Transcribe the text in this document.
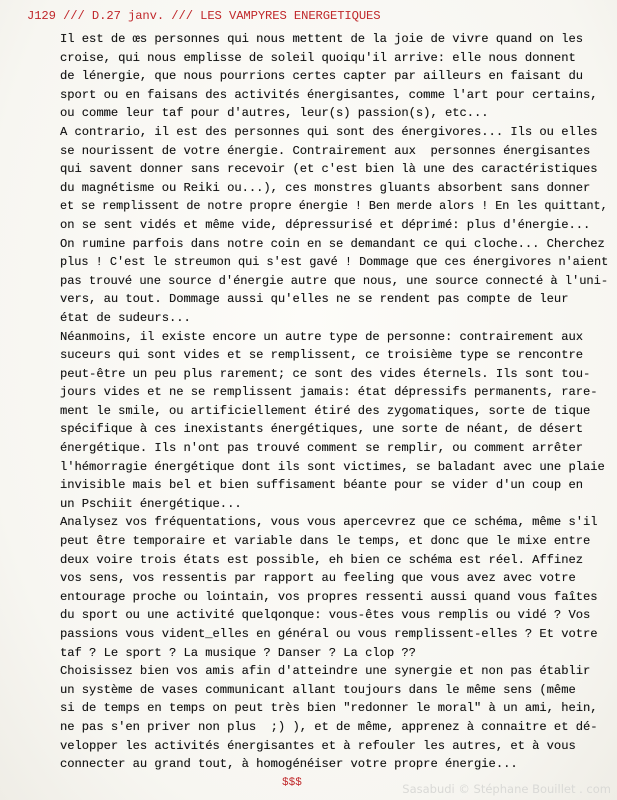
J129 /// D.27 janv. /// LES VAMPYRES ENERGETIQUES
Il est de œs personnes qui nous mettent de la joie de vivre quand on les
croise, qui nous emplisse de soleil quoiqu'il arrive: elle nous donnent
de lénergie, que nous pourrions certes capter par ailleurs en faisant du
sport ou en faisans des activités énergisantes, comme l'art pour certains,
ou comme leur taf pour d'autres, leur(s) passion(s), etc...
A contrario, il est des personnes qui sont des énergivores... Ils ou elles
se nourissent de votre énergie. Contrairement aux  personnes énergisantes
qui savent donner sans recevoir (et c'est bien là une des caractéristiques
du magnétisme ou Reiki ou...), ces monstres gluants absorbent sans donner
et se remplissent de notre propre énergie ! Ben merde alors ! En les quittant,
on se sent vidés et même vide, dépressurisé et déprimé: plus d'énergie...
On rumine parfois dans notre coin en se demandant ce qui cloche... Cherchez
plus ! C'est le streumon qui s'est gavé ! Dommage que ces énergivores n'aient
pas trouvé une source d'énergie autre que nous, une source connecté à l'uni-
vers, au tout. Dommage aussi qu'elles ne se rendent pas compte de leur
état de sudeurs...
Néanmoins, il existe encore un autre type de personne: contrairement aux
suceurs qui sont vides et se remplissent, ce troisième type se rencontre
peut-être un peu plus rarement; ce sont des vides éternels. Ils sont tou-
jours vides et ne se remplissent jamais: état dépressifs permanents, rare-
ment le smile, ou artificiellement étiré des zygomatiques, sorte de tique
spécifique à ces inexistants énergétiques, une sorte de néant, de désert
énergétique. Ils n'ont pas trouvé comment se remplir, ou comment arrêter
l'hémorragie énergétique dont ils sont victimes, se baladant avec une plaie
invisible mais bel et bien suffisament béante pour se vider d'un coup en
un Pschiit énergétique...
Analysez vos fréquentations, vous vous apercevrez que ce schéma, même s'il
peut être temporaire et variable dans le temps, et donc que le mixe entre
deux voire trois états est possible, eh bien ce schéma est réel. Affinez
vos sens, vos ressentis par rapport au feeling que vous avez avec votre
entourage proche ou lointain, vos propres ressenti aussi quand vous faîtes
du sport ou une activité quelqonque: vous-êtes vous remplis ou vidé ? Vos
passions vous vident_elles en général ou vous remplissent-elles ? Et votre
taf ? Le sport ? La musique ? Danser ? La clop ??
Choisissez bien vos amis afin d'atteindre une synergie et non pas établir
un système de vases communicant allant toujours dans le même sens (même
si de temps en temps on peut très bien "redonner le moral" à un ami, hein,
ne pas s'en priver non plus  ;) ), et de même, apprenez à connaitre et dé-
velopper les activités énergisantes et à refouler les autres, et à vous
connecter au grand tout, à homogénéiser votre propre énergie...
$$$	Sasabudi © Stéphane Bouillet . com
